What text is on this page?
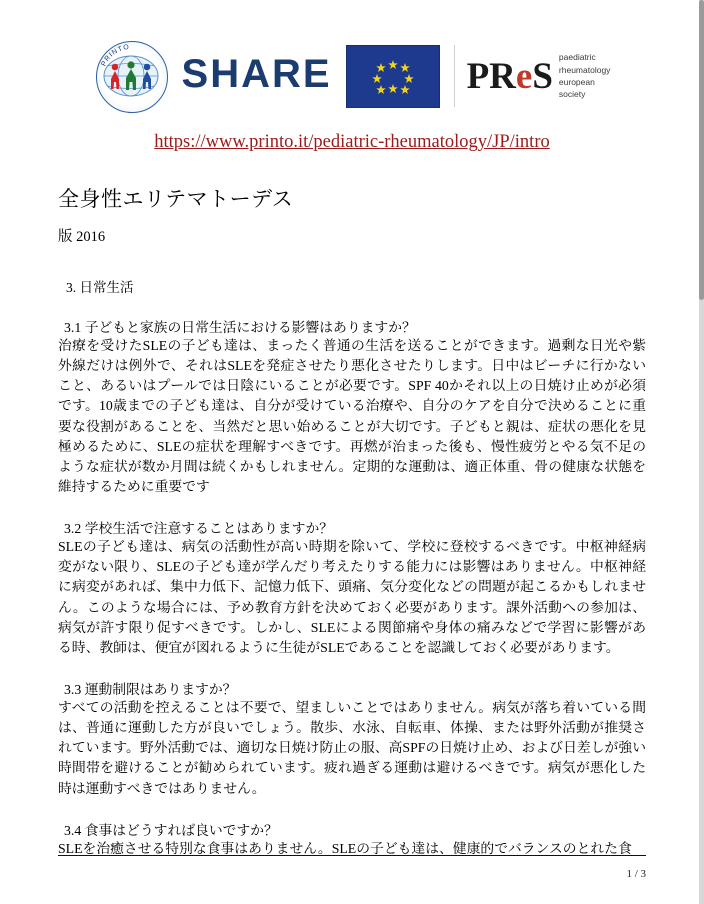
PRINTO
SHARE	PReS paediatric
rheumatology
european
society
https://www.printo.it/pediatric-rheumatology/JP/intro
全身性エリテマトーデス
版 2016
3. 日常生活
3.1 子どもと家族の日常生活における影響はありますか？
治療を受けたSLEの子ども達は、まったく普通の生活を送ることができます。過剰な日光や紫外線だけは例外で、それはSLEを発症させたり悪化させたりします。日中はビーチに行かないこと、あるいはプールでは日陰にいることが必要です。SPF 40かそれ以上の日焼け止めが必須です。10歳までの子ども達は、自分が受けている治療や、自分のケアを自分で決めることに重要な役割があることを、当然だと思い始めることが大切です。子どもと親は、症状の悪化を見極めるために、SLEの症状を理解すべきです。再燃が治まった後も、慢性疲労とやる気不足のような症状が数か月間は続くかもしれません。定期的な運動は、適正体重、骨の健康な状態を維持するために重要です
3.2 学校生活で注意することはありますか？
SLEの子ども達は、病気の活動性が高い時期を除いて、学校に登校するべきです。中枢神経病変がない限り、SLEの子ども達が学んだり考えたりする能力には影響はありません。中枢神経に病変があれば、集中力低下、記憶力低下、頭痛、気分変化などの問題が起こるかもしれません。このような場合には、予め教育方針を決めておく必要があります。課外活動への参加は、病気が許す限り促すべきです。しかし、SLEによる関節痛や身体の痛みなどで学習に影響がある時、教師は、便宜が図れるように生徒がSLEであることを認識しておく必要があります。
3.3 運動制限はありますか？
すべての活動を控えることは不要で、望ましいことではありません。病気が落ち着いている間は、普通に運動した方が良いでしょう。散歩、水泳、自転車、体操、または野外活動が推奨されています。野外活動では、適切な日焼け防止の服、高SPFの日焼け止め、および日差しが強い時間帯を避けることが勧められています。疲れ過ぎる運動は避けるべきです。病気が悪化した時は運動すべきではありません。
3.4 食事はどうすれば良いですか？
SLEを治癒させる特別な食事はありません。SLEの子ども達は、健康的でバランスのとれた食
1 / 3
